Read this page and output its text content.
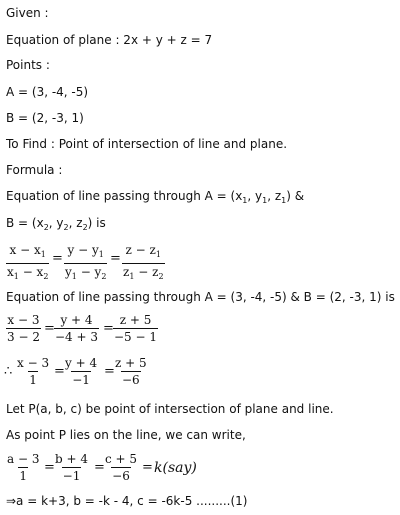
Given :
Equation of plane : 2x + y + z = 7
Points :
A = (3, -4, -5)
B = (2, -3, 1)
To Find : Point of intersection of line and plane.
Formula :
Equation of line passing through $A = (x_1$, $y_1$, $z_1$) &
$B = (x_2$, $y_2$, $z_2$) is
$\frac{x - x_1}{x_1 - x_2} = \frac{y - y_1}{y_1 - y_2} = \frac{z - z_1}{z_1 - z_2}$
Equation of line passing through A = (3, -4, -5) & B = (2, -3, 1) is
$\frac{x - 3}{3 - 2} = \frac{y + 4}{-4 + 3} = \frac{z + 5}{-5 - 1}$
∴ $\frac{x - 3}{1} = \frac{y + 4}{-1} = \frac{z + 5}{-6}$
Let P(a, b, c) be point of intersection of plane and line.
As point P lies on the line, we can write,
$\frac{a - 3}{1} = \frac{b + 4}{-1} = \frac{c + 5}{-6} = k(say)$
⇒a = k+3, b = -k - 4, c = -6k-5 .........(1)
